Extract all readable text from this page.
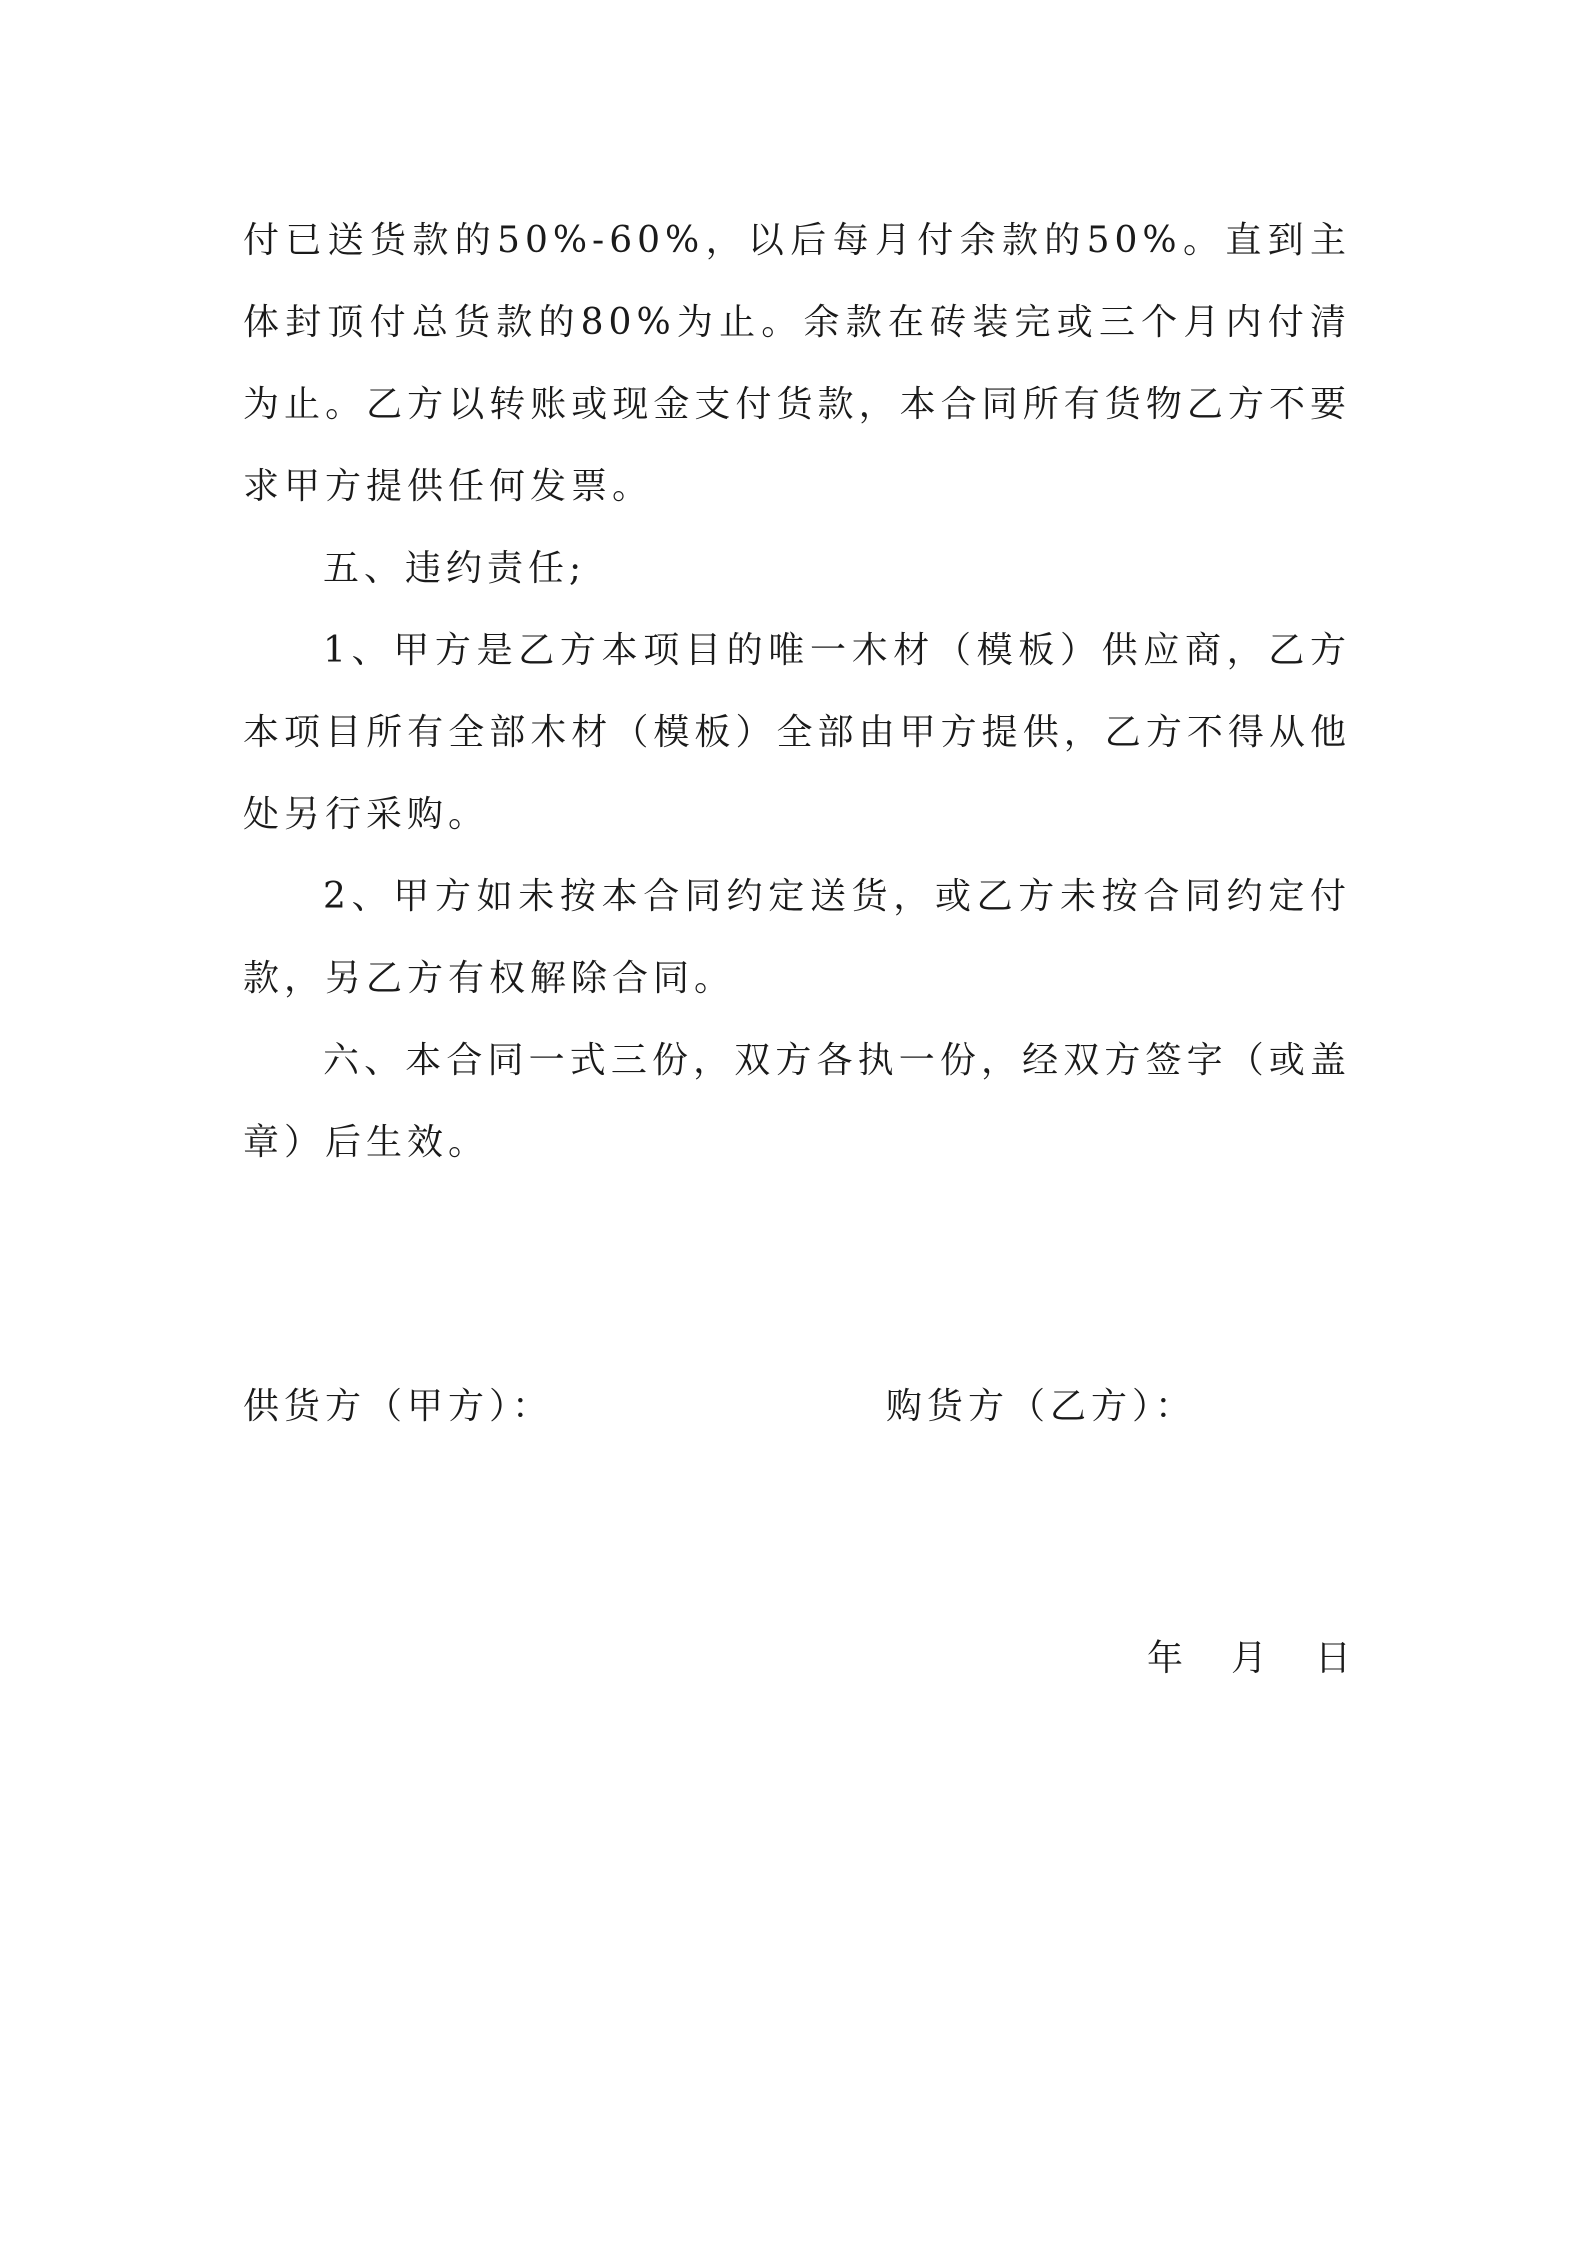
付已送货款的50%-60%，以后每月付余款的50%。直到主体封顶付总货款的80%为止。余款在砖装完或三个月内付清为止。乙方以转账或现金支付货款，本合同所有货物乙方不要求甲方提供任何发票。

五、违约责任;

1、甲方是乙方本项目的唯一木材（模板）供应商，乙方本项目所有全部木材（模板）全部由甲方提供，乙方不得从他处另行采购。

2、甲方如未按本合同约定送货，或乙方未按合同约定付款，另乙方有权解除合同。

六、本合同一式三份，双方各执一份，经双方签字（或盖章）后生效。

供货方（甲方）：	购货方（乙方）：
年 月 日
